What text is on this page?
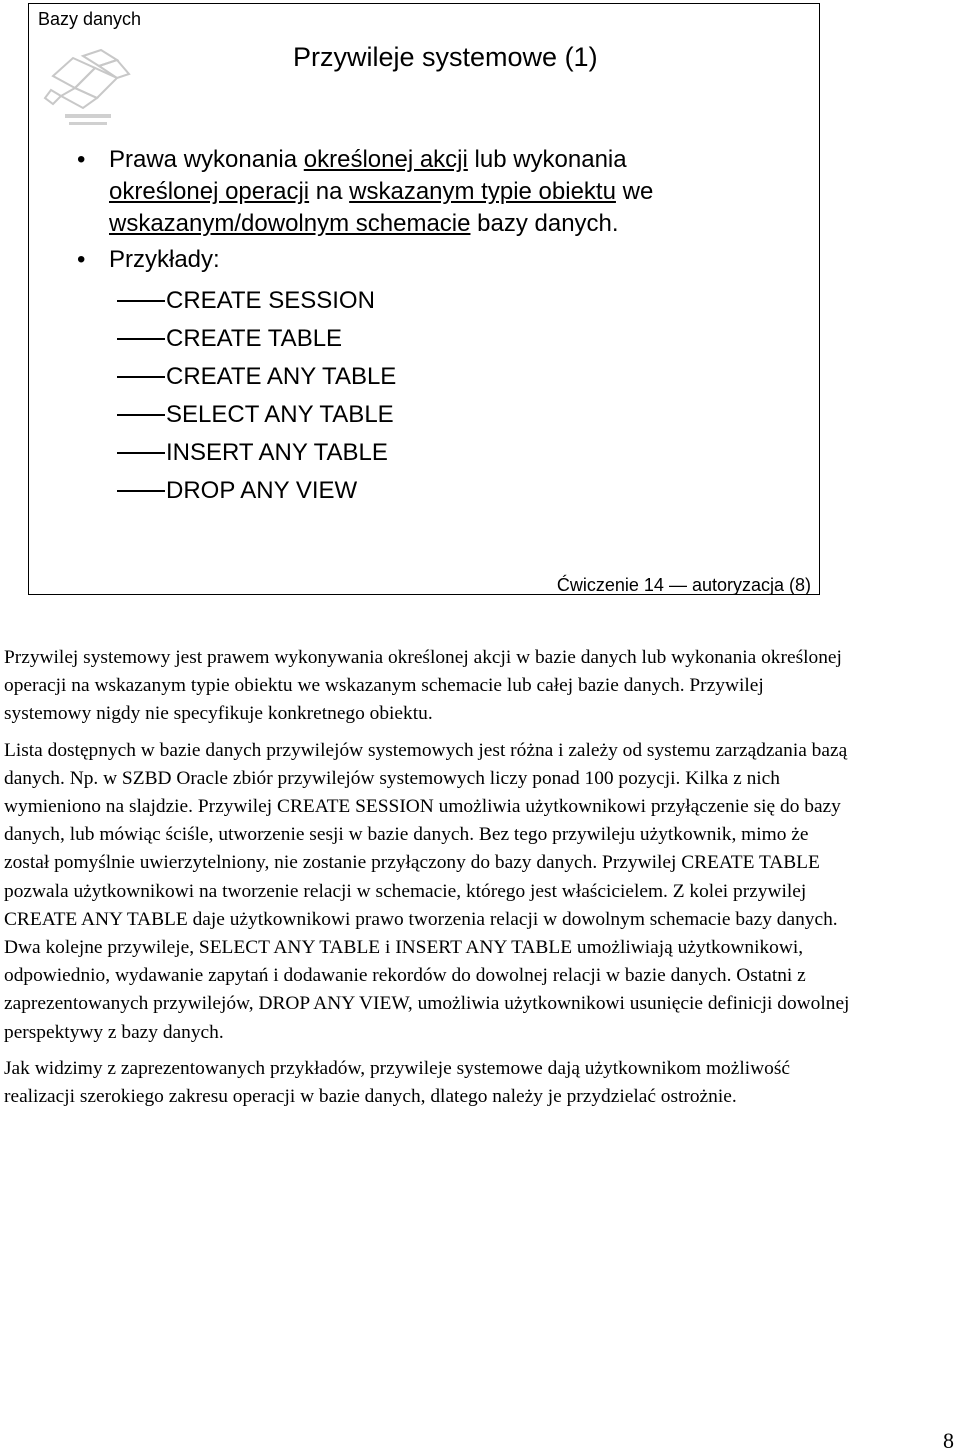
Bazy danych
Przywileje systemowe (1)
• Prawa wykonania określonej akcji lub wykonania
określonej operacji na wskazanym typie obiektu we
wskazanym/dowolnym schemacie bazy danych.
• Przykłady:
CREATE SESSION
CREATE TABLE
CREATE ANY TABLE
SELECT ANY TABLE
INSERT ANY TABLE
DROP ANY VIEW
Ćwiczenie 14 — autoryzacja (8)

Przywilej systemowy jest prawem wykonywania określonej akcji w bazie danych lub wykonania określonej operacji na wskazanym typie obiektu we wskazanym schemacie lub całej bazie danych. Przywilej systemowy nigdy nie specyfikuje konkretnego obiektu.

Lista dostępnych w bazie danych przywilejów systemowych jest różna i zależy od systemu zarządzania bazą danych. Np. w SZBD Oracle zbiór przywilejów systemowych liczy ponad 100 pozycji. Kilka z nich wymieniono na slajdzie. Przywilej CREATE SESSION umożliwia użytkownikowi przyłączenie się do bazy danych, lub mówiąc ściśle, utworzenie sesji w bazie danych. Bez tego przywileju użytkownik, mimo że został pomyślnie uwierzytelniony, nie zostanie przyłączony do bazy danych. Przywilej CREATE TABLE pozwala użytkownikowi na tworzenie relacji w schemacie, którego jest właścicielem. Z kolei przywilej CREATE ANY TABLE daje użytkownikowi prawo tworzenia relacji w dowolnym schemacie bazy danych. Dwa kolejne przywileje, SELECT ANY TABLE i INSERT ANY TABLE umożliwiają użytkownikowi, odpowiednio, wydawanie zapytań i dodawanie rekordów do dowolnej relacji w bazie danych. Ostatni z zaprezentowanych przywilejów, DROP ANY VIEW, umożliwia użytkownikowi usunięcie definicji dowolnej perspektywy z bazy danych.

Jak widzimy z zaprezentowanych przykładów, przywileje systemowe dają użytkownikom możliwość realizacji szerokiego zakresu operacji w bazie danych, dlatego należy je przydzielać ostrożnie.

8
